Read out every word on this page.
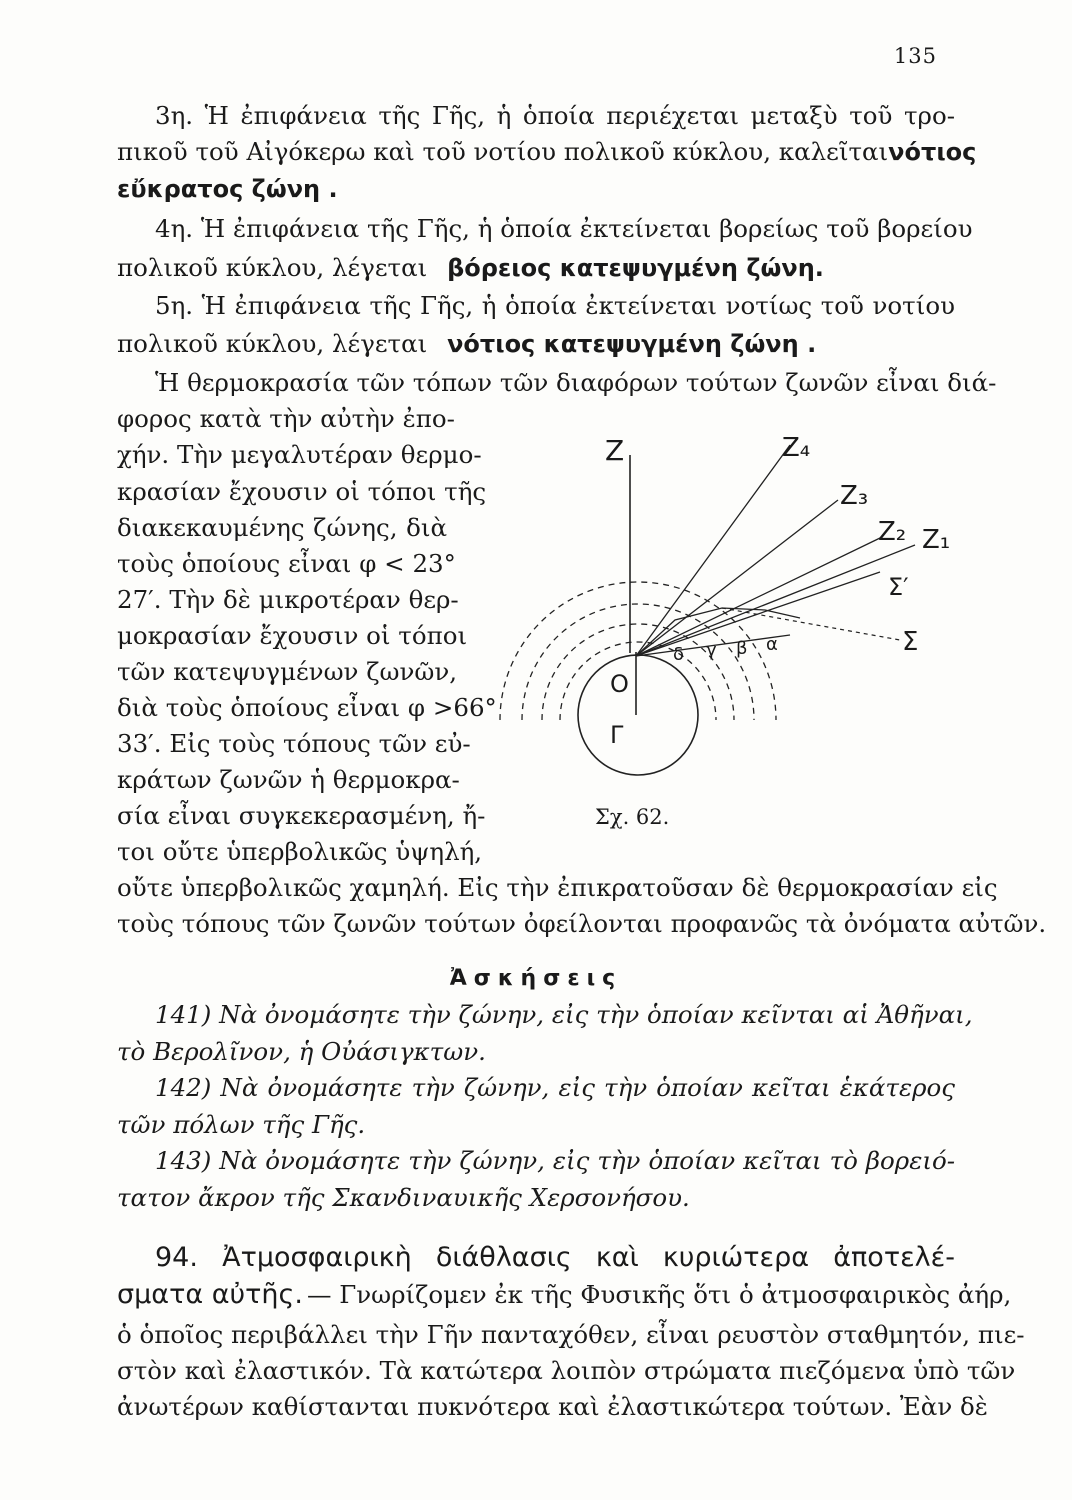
135
3η. Ἡ ἐπιφάνεια τῆς Γῆς, ἡ ὁποία περιέχεται μεταξὺ τοῦ τρο-
πικοῦ τοῦ Αἰγόκερω καὶ τοῦ νοτίου πολικοῦ κύκλου, καλεῖται νότιος
εὔκρατος ζώνη .
4η. Ἡ ἐπιφάνεια τῆς Γῆς, ἡ ὁποία ἐκτείνεται βορείως τοῦ βορείου
πολικοῦ κύκλου, λέγεται βόρειος κατεψυγμένη ζώνη.
5η. Ἡ ἐπιφάνεια τῆς Γῆς, ἡ ὁποία ἐκτείνεται νοτίως τοῦ νοτίου
πολικοῦ κύκλου, λέγεται νότιος κατεψυγμένη ζώνη .
Ἡ θερμοκρασία τῶν τόπων τῶν διαφόρων τούτων ζωνῶν εἶναι διά-
φορος κατὰ τὴν αὐτὴν ἐπο-
χήν. Τὴν μεγαλυτέραν θερμο-
κρασίαν ἔχουσιν οἱ τόποι τῆς
διακεκαυμένης ζώνης, διὰ
τοὺς ὁποίους εἶναι φ < 23°
27′. Τὴν δὲ μικροτέραν θερ-
μοκρασίαν ἔχουσιν οἱ τόποι
τῶν κατεψυγμένων ζωνῶν,
διὰ τοὺς ὁποίους εἶναι φ >66°
33′. Εἰς τοὺς τόπους τῶν εὐ-
κράτων ζωνῶν ἡ θερμοκρα-
σία εἶναι συγκεκερασμένη, ἤ-
τοι οὔτε ὑπερβολικῶς ὑψηλή,
οὔτε ὑπερβολικῶς χαμηλή. Εἰς τὴν ἐπικρατοῦσαν δὲ θερμοκρασίαν εἰς
τοὺς τόπους τῶν ζωνῶν τούτων ὀφείλονται προφανῶς τὰ ὀνόματα αὐτῶν.
Z	Z₄
Z₃
Z₂ Z₁
Σ′
Σ
O
Γ
α
β
γ
δ
Σχ. 62.
Ἀσκήσεις
141) Νὰ ὀνομάσητε τὴν ζώνην, εἰς τὴν ὁποίαν κεῖνται αἱ Ἀθῆναι,
τὸ Βερολῖνον, ἡ Οὐάσιγκτων.
142) Νὰ ὀνομάσητε τὴν ζώνην, εἰς τὴν ὁποίαν κεῖται ἑκάτερος
τῶν πόλων τῆς Γῆς.
143) Νὰ ὀνομάσητε τὴν ζώνην, εἰς τὴν ὁποίαν κεῖται τὸ βορειό-
τατον ἄκρον τῆς Σκανδιναυικῆς Χερσονήσου.
94. Ἀτμοσφαιρικὴ διάθλασις καὶ κυριώτερα ἀποτελέ-
σματα αὐτῆς. — Γνωρίζομεν ἐκ τῆς Φυσικῆς ὅτι ὁ ἀτμοσφαιρικὸς ἀήρ,
ὁ ὁποῖος περιβάλλει τὴν Γῆν πανταχόθεν, εἶναι ρευστὸν σταθμητόν, πιε-
στὸν καὶ ἐλαστικόν. Τὰ κατώτερα λοιπὸν στρώματα πιεζόμενα ὑπὸ τῶν
ἀνωτέρων καθίστανται πυκνότερα καὶ ἐλαστικώτερα τούτων. Ἐὰν δὲ
